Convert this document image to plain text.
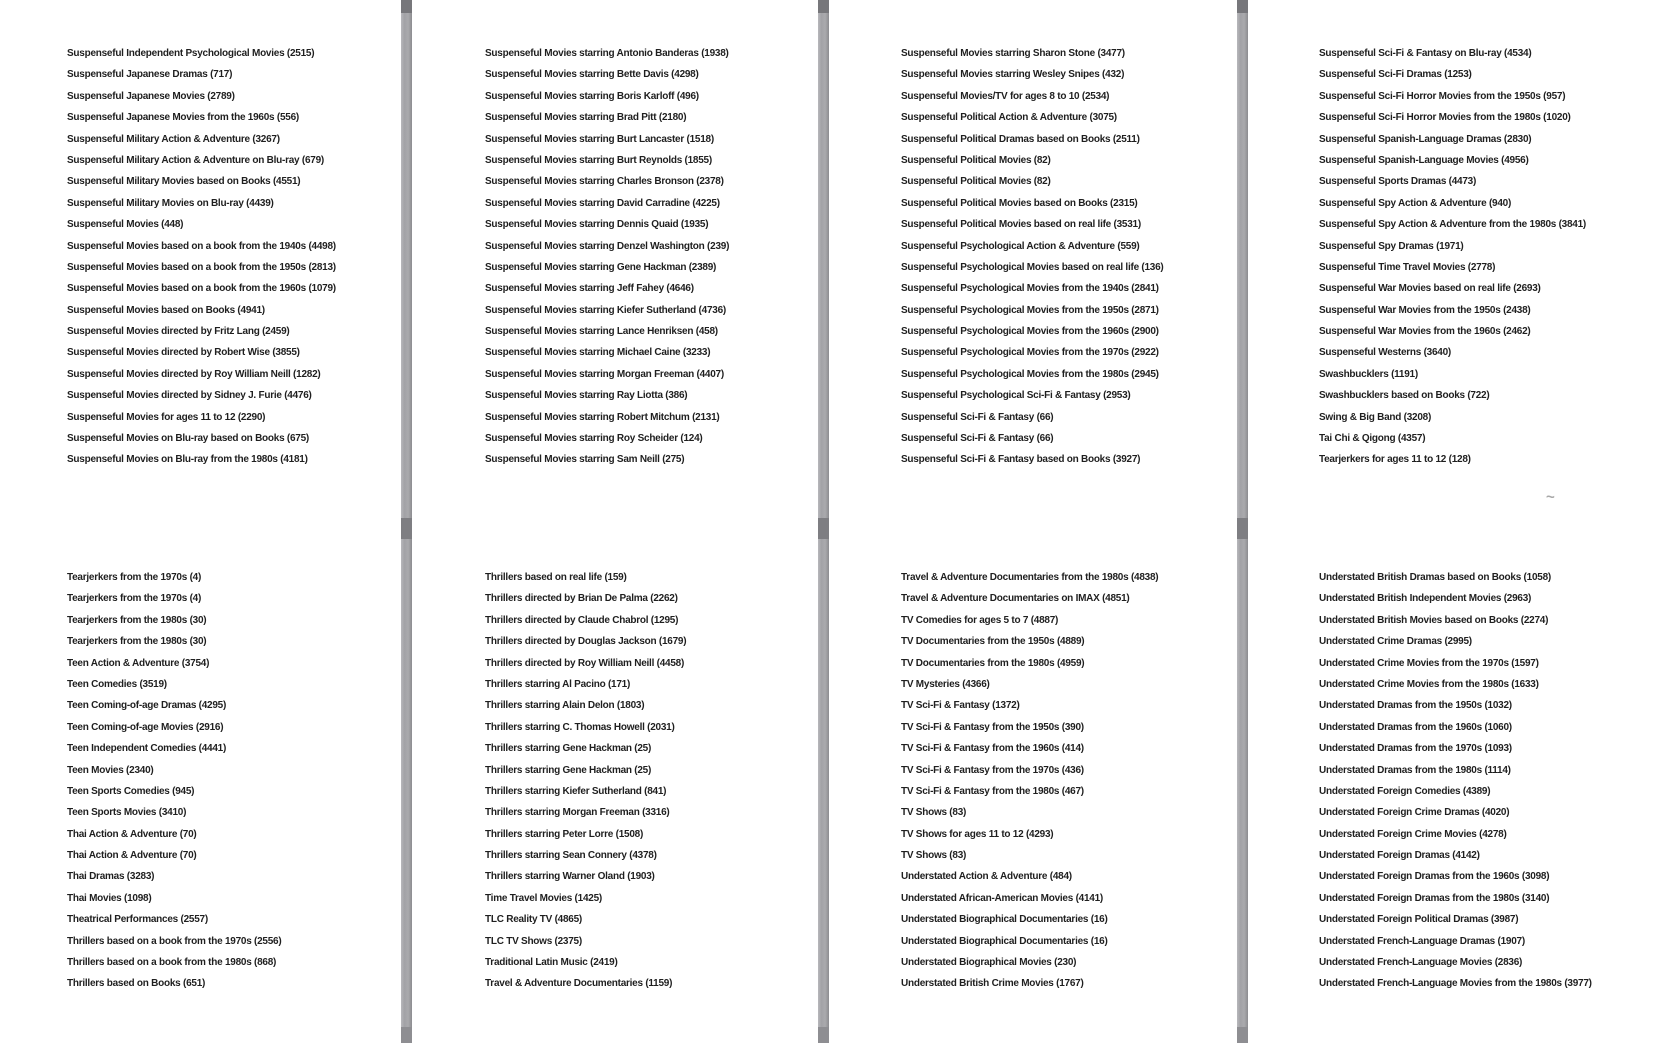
Suspenseful Independent Psychological Movies (2515)
Suspenseful Japanese Dramas (717)
Suspenseful Japanese Movies (2789)
Suspenseful Japanese Movies from the 1960s (556)
Suspenseful Military Action & Adventure (3267)
Suspenseful Military Action & Adventure on Blu-ray (679)
Suspenseful Military Movies based on Books (4551)
Suspenseful Military Movies on Blu-ray (4439)
Suspenseful Movies (448)
Suspenseful Movies based on a book from the 1940s (4498)
Suspenseful Movies based on a book from the 1950s (2813)
Suspenseful Movies based on a book from the 1960s (1079)
Suspenseful Movies based on Books (4941)
Suspenseful Movies directed by Fritz Lang (2459)
Suspenseful Movies directed by Robert Wise (3855)
Suspenseful Movies directed by Roy William Neill (1282)
Suspenseful Movies directed by Sidney J. Furie (4476)
Suspenseful Movies for ages 11 to 12 (2290)
Suspenseful Movies on Blu-ray based on Books (675)
Suspenseful Movies on Blu-ray from the 1980s (4181)
Suspenseful Movies starring Antonio Banderas (1938)
Suspenseful Movies starring Bette Davis (4298)
Suspenseful Movies starring Boris Karloff (496)
Suspenseful Movies starring Brad Pitt (2180)
Suspenseful Movies starring Burt Lancaster (1518)
Suspenseful Movies starring Burt Reynolds (1855)
Suspenseful Movies starring Charles Bronson (2378)
Suspenseful Movies starring David Carradine (4225)
Suspenseful Movies starring Dennis Quaid (1935)
Suspenseful Movies starring Denzel Washington (239)
Suspenseful Movies starring Gene Hackman (2389)
Suspenseful Movies starring Jeff Fahey (4646)
Suspenseful Movies starring Kiefer Sutherland (4736)
Suspenseful Movies starring Lance Henriksen (458)
Suspenseful Movies starring Michael Caine (3233)
Suspenseful Movies starring Morgan Freeman (4407)
Suspenseful Movies starring Ray Liotta (386)
Suspenseful Movies starring Robert Mitchum (2131)
Suspenseful Movies starring Roy Scheider (124)
Suspenseful Movies starring Sam Neill (275)
Suspenseful Movies starring Sharon Stone (3477)
Suspenseful Movies starring Wesley Snipes (432)
Suspenseful Movies/TV for ages 8 to 10 (2534)
Suspenseful Political Action & Adventure (3075)
Suspenseful Political Dramas based on Books (2511)
Suspenseful Political Movies (82)
Suspenseful Political Movies (82)
Suspenseful Political Movies based on Books (2315)
Suspenseful Political Movies based on real life (3531)
Suspenseful Psychological Action & Adventure (559)
Suspenseful Psychological Movies based on real life (136)
Suspenseful Psychological Movies from the 1940s (2841)
Suspenseful Psychological Movies from the 1950s (2871)
Suspenseful Psychological Movies from the 1960s (2900)
Suspenseful Psychological Movies from the 1970s (2922)
Suspenseful Psychological Movies from the 1980s (2945)
Suspenseful Psychological Sci-Fi & Fantasy (2953)
Suspenseful Sci-Fi & Fantasy (66)
Suspenseful Sci-Fi & Fantasy (66)
Suspenseful Sci-Fi & Fantasy based on Books (3927)
Suspenseful Sci-Fi & Fantasy on Blu-ray (4534)
Suspenseful Sci-Fi Dramas (1253)
Suspenseful Sci-Fi Horror Movies from the 1950s (957)
Suspenseful Sci-Fi Horror Movies from the 1980s (1020)
Suspenseful Spanish-Language Dramas (2830)
Suspenseful Spanish-Language Movies (4956)
Suspenseful Sports Dramas (4473)
Suspenseful Spy Action & Adventure (940)
Suspenseful Spy Action & Adventure from the 1980s (3841)
Suspenseful Spy Dramas (1971)
Suspenseful Time Travel Movies (2778)
Suspenseful War Movies based on real life (2693)
Suspenseful War Movies from the 1950s (2438)
Suspenseful War Movies from the 1960s (2462)
Suspenseful Westerns (3640)
Swashbucklers (1191)
Swashbucklers based on Books (722)
Swing & Big Band (3208)
Tai Chi & Qigong (4357)
Tearjerkers for ages 11 to 12 (128)
Tearjerkers from the 1970s (4)
Tearjerkers from the 1970s (4)
Tearjerkers from the 1980s (30)
Tearjerkers from the 1980s (30)
Teen Action & Adventure (3754)
Teen Comedies (3519)
Teen Coming-of-age Dramas (4295)
Teen Coming-of-age Movies (2916)
Teen Independent Comedies (4441)
Teen Movies (2340)
Teen Sports Comedies (945)
Teen Sports Movies (3410)
Thai Action & Adventure (70)
Thai Action & Adventure (70)
Thai Dramas (3283)
Thai Movies (1098)
Theatrical Performances (2557)
Thrillers based on a book from the 1970s (2556)
Thrillers based on a book from the 1980s (868)
Thrillers based on Books (651)
Thrillers based on real life (159)
Thrillers directed by Brian De Palma (2262)
Thrillers directed by Claude Chabrol (1295)
Thrillers directed by Douglas Jackson (1679)
Thrillers directed by Roy William Neill (4458)
Thrillers starring Al Pacino (171)
Thrillers starring Alain Delon (1803)
Thrillers starring C. Thomas Howell (2031)
Thrillers starring Gene Hackman (25)
Thrillers starring Gene Hackman (25)
Thrillers starring Kiefer Sutherland (841)
Thrillers starring Morgan Freeman (3316)
Thrillers starring Peter Lorre (1508)
Thrillers starring Sean Connery (4378)
Thrillers starring Warner Oland (1903)
Time Travel Movies (1425)
TLC Reality TV (4865)
TLC TV Shows (2375)
Traditional Latin Music (2419)
Travel & Adventure Documentaries (1159)
Travel & Adventure Documentaries from the 1980s (4838)
Travel & Adventure Documentaries on IMAX (4851)
TV Comedies for ages 5 to 7 (4887)
TV Documentaries from the 1950s (4889)
TV Documentaries from the 1980s (4959)
TV Mysteries (4366)
TV Sci-Fi & Fantasy (1372)
TV Sci-Fi & Fantasy from the 1950s (390)
TV Sci-Fi & Fantasy from the 1960s (414)
TV Sci-Fi & Fantasy from the 1970s (436)
TV Sci-Fi & Fantasy from the 1980s (467)
TV Shows (83)
TV Shows for ages 11 to 12 (4293)
TV Shows (83)
Understated Action & Adventure (484)
Understated African-American Movies (4141)
Understated Biographical Documentaries (16)
Understated Biographical Documentaries (16)
Understated Biographical Movies (230)
Understated British Crime Movies (1767)
Understated British Dramas based on Books (1058)
Understated British Independent Movies (2963)
Understated British Movies based on Books (2274)
Understated Crime Dramas (2995)
Understated Crime Movies from the 1970s (1597)
Understated Crime Movies from the 1980s (1633)
Understated Dramas from the 1950s (1032)
Understated Dramas from the 1960s (1060)
Understated Dramas from the 1970s (1093)
Understated Dramas from the 1980s (1114)
Understated Foreign Comedies (4389)
Understated Foreign Crime Dramas (4020)
Understated Foreign Crime Movies (4278)
Understated Foreign Dramas (4142)
Understated Foreign Dramas from the 1960s (3098)
Understated Foreign Dramas from the 1980s (3140)
Understated Foreign Political Dramas (3987)
Understated French-Language Dramas (1907)
Understated French-Language Movies (2836)
Understated French-Language Movies from the 1980s (3977)
~
